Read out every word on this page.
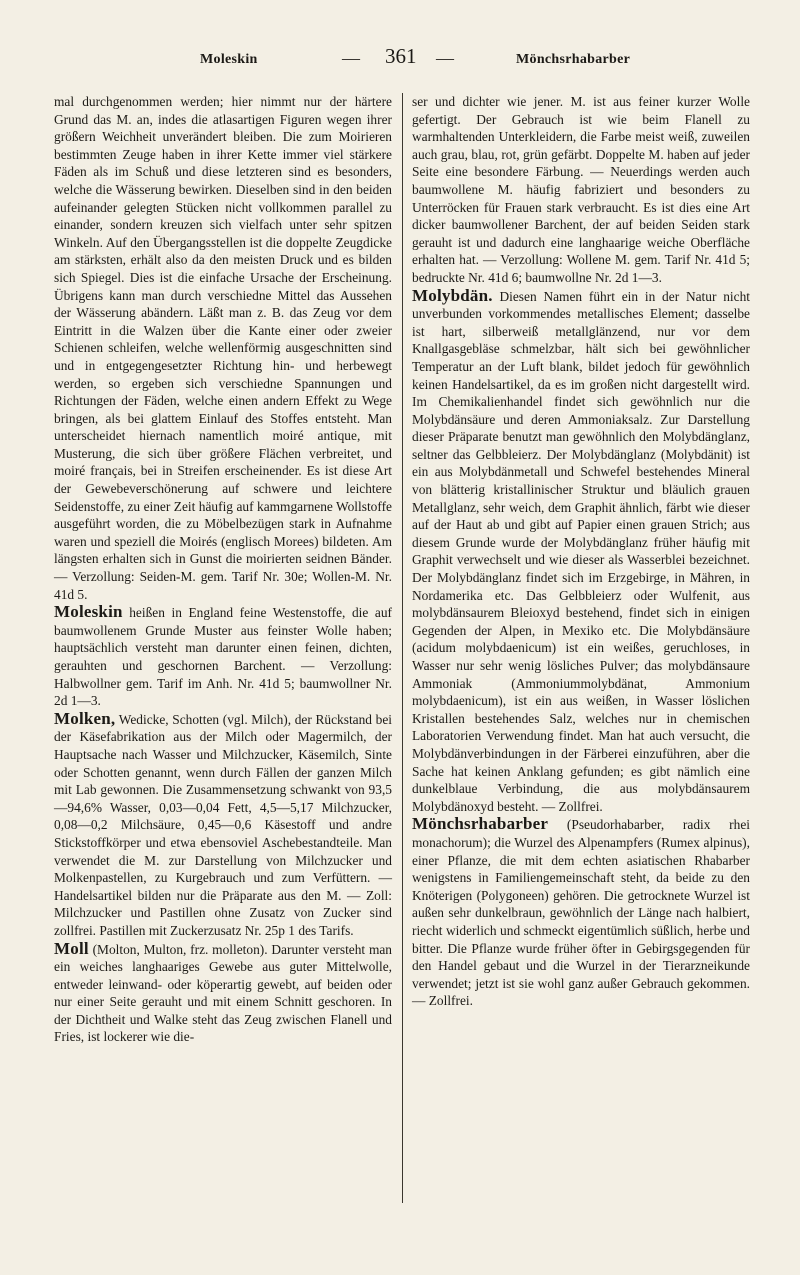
Moleskin	— 361 —	Mönchsrhabarber

mal durchgenommen werden; hier nimmt nur der härtere Grund das M. an, indes die atlasartigen Figuren wegen ihrer größern Weichheit unverändert bleiben. Die zum Moirieren bestimmten Zeuge haben in ihrer Kette immer viel stärkere Fäden als im Schuß und diese letzteren sind es besonders, welche die Wässerung bewirken. Dieselben sind in den beiden aufeinander gelegten Stücken nicht vollkommen parallel zu einander, sondern kreuzen sich vielfach unter sehr spitzen Winkeln. Auf den Übergangsstellen ist die doppelte Zeugdicke am stärksten, erhält also da den meisten Druck und es bilden sich Spiegel. Dies ist die einfache Ursache der Erscheinung. Übrigens kann man durch verschiedne Mittel das Aussehen der Wässerung abändern. Läßt man z. B. das Zeug vor dem Eintritt in die Walzen über die Kante einer oder zweier Schienen schleifen, welche wellenförmig ausgeschnitten sind und in entgegengesetzter Richtung hin- und herbewegt werden, so ergeben sich verschiedne Spannungen und Richtungen der Fäden, welche einen andern Effekt zu Wege bringen, als bei glattem Einlauf des Stoffes entsteht. Man unterscheidet hiernach namentlich moiré antique, mit Musterung, die sich über größere Flächen verbreitet, und moiré français, bei in Streifen erscheinender. Es ist diese Art der Gewebeverschönerung auf schwere und leichtere Seidenstoffe, zu einer Zeit häufig auf kammgarnene Wollstoffe ausgeführt worden, die zu Möbelbezügen stark in Aufnahme waren und speziell die Moirés (englisch Morees) bildeten. Am längsten erhalten sich in Gunst die moirierten seidnen Bänder. — Verzollung: Seiden-M. gem. Tarif Nr. 30e; Wollen-M. Nr. 41d 5.

Moleskin heißen in England feine Westenstoffe, die auf baumwollenem Grunde Muster aus feinster Wolle haben; hauptsächlich versteht man darunter einen feinen, dichten, gerauhten und geschornen Barchent. — Verzollung: Halbwollner gem. Tarif im Anh. Nr. 41d 5; baumwollner Nr. 2d 1—3.

Molken, Wedicke, Schotten (vgl. Milch), der Rückstand bei der Käsefabrikation aus der Milch oder Magermilch, der Hauptsache nach Wasser und Milchzucker, Käsemilch, Sinte oder Schotten genannt, wenn durch Fällen der ganzen Milch mit Lab gewonnen. Die Zusammensetzung schwankt von 93,5—94,6% Wasser, 0,03—0,04 Fett, 4,5—5,17 Milchzucker, 0,08—0,2 Milchsäure, 0,45—0,6 Käsestoff und andre Stickstoffkörper und etwa ebensoviel Aschebestandteile. Man verwendet die M. zur Darstellung von Milchzucker und Molkenpastellen, zu Kurgebrauch und zum Verfüttern. — Handelsartikel bilden nur die Präparate aus den M. — Zoll: Milchzucker und Pastillen ohne Zusatz von Zucker sind zollfrei. Pastillen mit Zuckerzusatz Nr. 25p 1 des Tarifs.

Moll (Molton, Multon, frz. molleton). Darunter versteht man ein weiches langhaariges Gewebe aus guter Mittelwolle, entweder leinwand- oder köperartig gewebt, auf beiden oder nur einer Seite gerauht und mit einem Schnitt geschoren. In der Dichtheit und Walke steht das Zeug zwischen Flanell und Fries, ist lockerer wie die-

ser und dichter wie jener. M. ist aus feiner kurzer Wolle gefertigt. Der Gebrauch ist wie beim Flanell zu warmhaltenden Unterkleidern, die Farbe meist weiß, zuweilen auch grau, blau, rot, grün gefärbt. Doppelte M. haben auf jeder Seite eine besondere Färbung. — Neuerdings werden auch baumwollene M. häufig fabriziert und besonders zu Unterröcken für Frauen stark verbraucht. Es ist dies eine Art dicker baumwollener Barchent, der auf beiden Seiden stark gerauht ist und dadurch eine langhaarige weiche Oberfläche erhalten hat. — Verzollung: Wollene M. gem. Tarif Nr. 41d 5; bedruckte Nr. 41d 6; baumwollne Nr. 2d 1—3.

Molybdän. Diesen Namen führt ein in der Natur nicht unverbunden vorkommendes metallisches Element; dasselbe ist hart, silberweiß metallglänzend, nur vor dem Knallgasgebläse schmelzbar, hält sich bei gewöhnlicher Temperatur an der Luft blank, bildet jedoch für gewöhnlich keinen Handelsartikel, da es im großen nicht dargestellt wird. Im Chemikalienhandel findet sich gewöhnlich nur die Molybdänsäure und deren Ammoniaksalz. Zur Darstellung dieser Präparate benutzt man gewöhnlich den Molybdänglanz, seltner das Gelbbleierz. Der Molybdänglanz (Molybdänit) ist ein aus Molybdänmetall und Schwefel bestehendes Mineral von blätterig kristallinischer Struktur und bläulich grauen Metallglanz, sehr weich, dem Graphit ähnlich, färbt wie dieser auf der Haut ab und gibt auf Papier einen grauen Strich; aus diesem Grunde wurde der Molybdänglanz früher häufig mit Graphit verwechselt und wie dieser als Wasserblei bezeichnet. Der Molybdänglanz findet sich im Erzgebirge, in Mähren, in Nordamerika etc. Das Gelbbleierz oder Wulfenit, aus molybdänsaurem Bleioxyd bestehend, findet sich in einigen Gegenden der Alpen, in Mexiko etc. Die Molybdänsäure (acidum molybdaenicum) ist ein weißes, geruchloses, in Wasser nur sehr wenig lösliches Pulver; das molybdänsaure Ammoniak (Ammoniummolybdänat, Ammonium molybdaenicum), ist ein aus weißen, in Wasser löslichen Kristallen bestehendes Salz, welches nur in chemischen Laboratorien Verwendung findet. Man hat auch versucht, die Molybdänverbindungen in der Färberei einzuführen, aber die Sache hat keinen Anklang gefunden; es gibt nämlich eine dunkelblaue Verbindung, die aus molybdänsaurem Molybdänoxyd besteht. — Zollfrei.

Mönchsrhabarber (Pseudorhabarber, radix rhei monachorum); die Wurzel des Alpenampfers (Rumex alpinus), einer Pflanze, die mit dem echten asiatischen Rhabarber wenigstens in Familiengemeinschaft steht, da beide zu den Knöterigen (Polygoneen) gehören. Die getrocknete Wurzel ist außen sehr dunkelbraun, gewöhnlich der Länge nach halbiert, riecht widerlich und schmeckt eigentümlich süßlich, herbe und bitter. Die Pflanze wurde früher öfter in Gebirgsgegenden für den Handel gebaut und die Wurzel in der Tierarzneikunde verwendet; jetzt ist sie wohl ganz außer Gebrauch gekommen. — Zollfrei.
